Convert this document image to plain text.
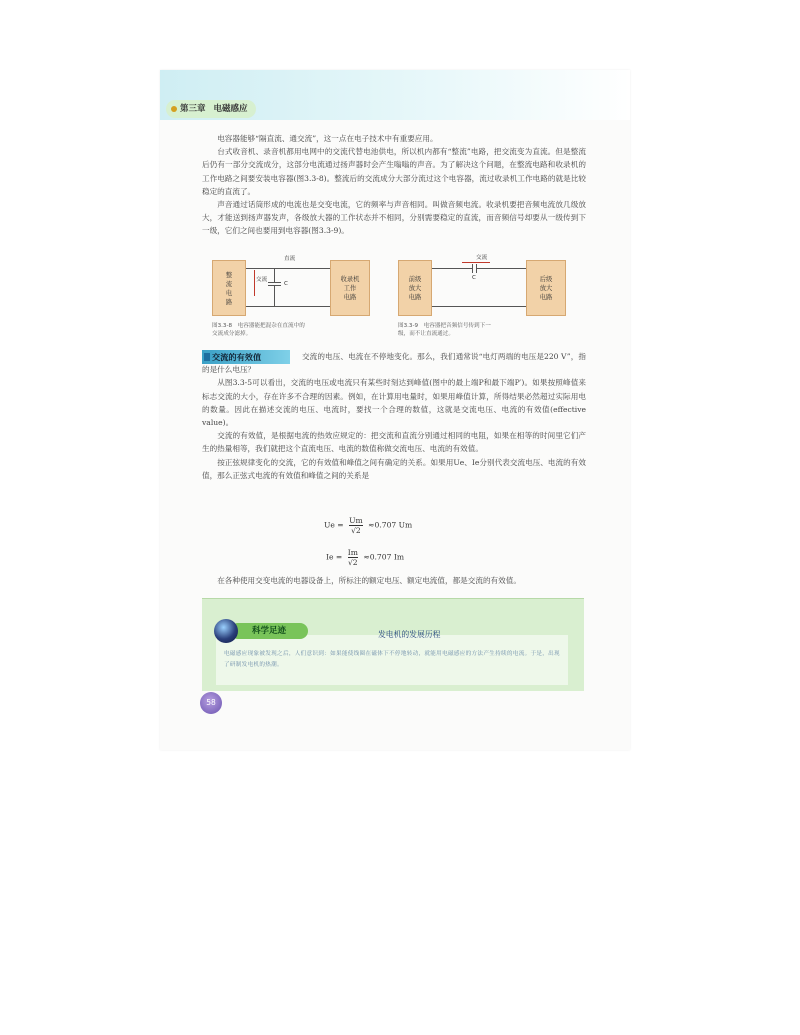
第三章 电磁感应

电容器能够“隔直流、通交流”，这一点在电子技术中有重要应用。

台式收音机、录音机都用电网中的交流代替电池供电，所以机内都有“整流”电路，把交流变为直流。但是整流后仍有一部分交流成分，这部分电流通过扬声器时会产生嗡嗡的声音。为了解决这个问题，在整流电路和收录机的工作电路之间要安装电容器(图3.3-8)。整流后的交流成分大部分流过这个电容器，流过收录机工作电路的就是比较稳定的直流了。

声音通过话筒形成的电流也是交变电流，它的频率与声音相同。叫做音频电流。收录机要把音频电流放几级放大，才能送到扬声器发声，各级放大器的工作状态并不相同，分别需要稳定的直流，而音频信号却要从一级传到下一级，它们之间也要用到电容器(图3.3-9)。

整
流
电
路
收录机
工作
电路
直流
交流
C
图3.3-8　电容器能把混杂在直流中的
交流成分滤掉。
前级
放大
电路
后级
放大
电路
交流
C
图3.3-9　电容器把音频信号传到下一
级，而不让直流通过。
交流的有效值	交流的电压、电流在不停地变化。那么，我们通常说“电灯两端的电压是220 V”，指的是什么电压？

从图3.3-5可以看出，交流的电压或电流只有某些时刻达到峰值(图中的最上端P和最下端P′)。如果按照峰值来标志交流的大小，存在许多不合理的因素。例如，在计算用电量时，如果用峰值计算，所得结果必然超过实际用电的数量。因此在描述交流的电压、电流时，要找一个合理的数值，这就是交流电压、电流的有效值(effective value)。

交流的有效值，是根据电流的热效应规定的：把交流和直流分别通过相同的电阻，如果在相等的时间里它们产生的热量相等，我们就把这个直流电压、电流的数值称做交流电压、电流的有效值。

按正弦规律变化的交流，它的有效值和峰值之间有确定的关系。如果用Ue、Ie分别代表交流电压、电流的有效值，那么正弦式电流的有效值和峰值之间的关系是

$Ue = \frac{Um}{√2} \approx 0.707$ Um
$Ie = \frac{Im}{√2} \approx 0.707$ Im

在各种使用交变电流的电器设备上，所标注的额定电压、额定电流值，都是交流的有效值。

科学足迹	发电机的发展历程
电磁感应现象被发现之后，人们意识到：如果能使线圈在磁体下不停地转动，就能用电磁感应的方法产生持续的电流。于是，出现了研制发电机的热潮。
58
